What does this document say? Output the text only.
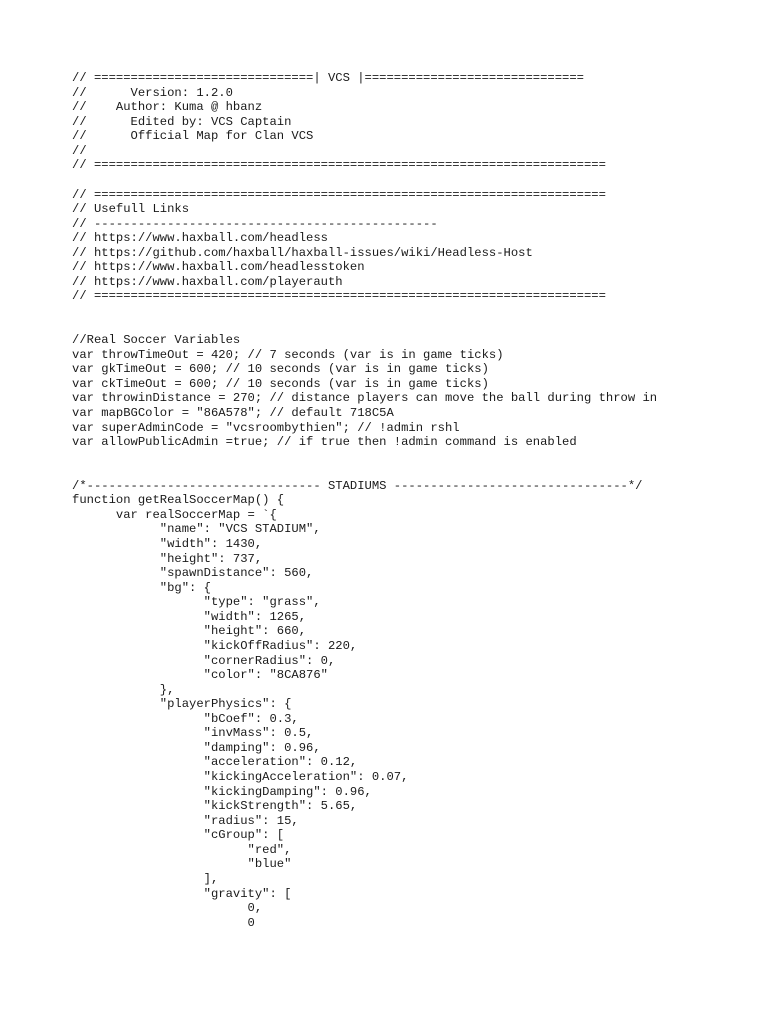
// ==============================| VCS |==============================
//      Version: 1.2.0
//    Author: Kuma @ hbanz
//      Edited by: VCS Captain
//      Official Map for Clan VCS
//
// ======================================================================
// ======================================================================
// Usefull Links
// -----------------------------------------------
// https://www.haxball.com/headless
// https://github.com/haxball/haxball-issues/wiki/Headless-Host
// https://www.haxball.com/headlesstoken
// https://www.haxball.com/playerauth
// ======================================================================
//Real Soccer Variables
var throwTimeOut = 420; // 7 seconds (var is in game ticks)
var gkTimeOut = 600; // 10 seconds (var is in game ticks)
var ckTimeOut = 600; // 10 seconds (var is in game ticks)
var throwinDistance = 270; // distance players can move the ball during throw in
var mapBGColor = "86A578"; // default 718C5A
var superAdminCode = "vcsroombythien"; // !admin rshl
var allowPublicAdmin =true; // if true then !admin command is enabled
/*-------------------------------- STADIUMS --------------------------------*/
function getRealSoccerMap() {
var realSoccerMap = `{
"name": "VCS STADIUM",
"width": 1430,
"height": 737,
"spawnDistance": 560,
"bg": {
"type": "grass",
"width": 1265,
"height": 660,
"kickOffRadius": 220,
"cornerRadius": 0,
"color": "8CA876"
},
"playerPhysics": {
"bCoef": 0.3,
"invMass": 0.5,
"damping": 0.96,
"acceleration": 0.12,
"kickingAcceleration": 0.07,
"kickingDamping": 0.96,
"kickStrength": 5.65,
"radius": 15,
"cGroup": [
"red",
"blue"
],
"gravity": [
0,
0
